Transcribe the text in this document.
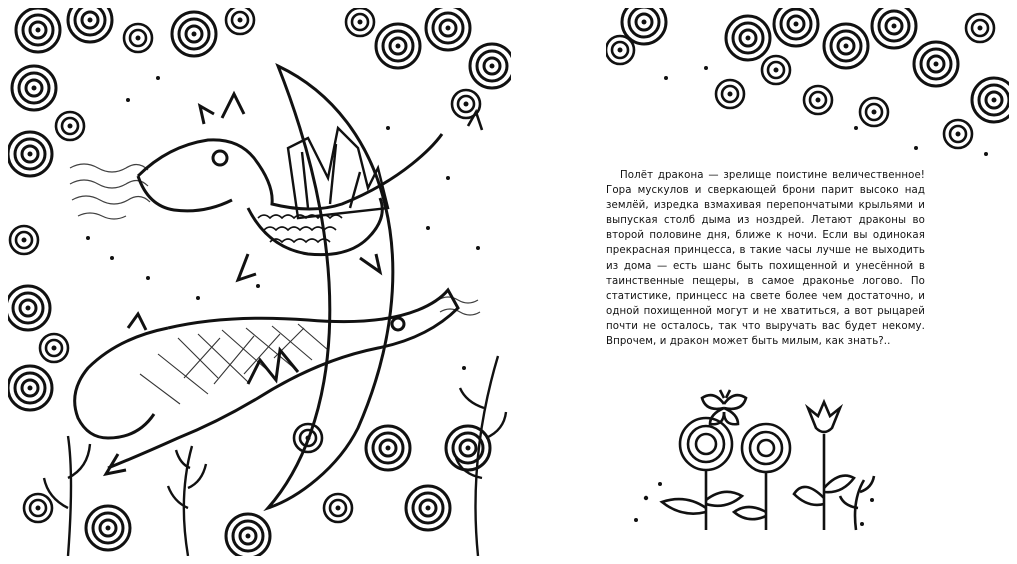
Полёт дракона — зрелище поистине величественное! Гора мускулов и сверкающей брони парит высоко над землёй, изредка взмахивая перепончатыми крыльями и выпуская столб дыма из ноздрей. Летают драконы во второй половине дня, ближе к ночи. Если вы одинокая прекрасная принцесса, в такие часы лучше не выходить из дома — есть шанс быть похищенной и унесённой в таинственные пещеры, в самое драконье логово. По статистике, принцесс на свете более чем достаточно, и одной похищенной могут и не хватиться, а вот рыцарей почти не осталось, так что выручать вас будет некому. Впрочем, и дракон может быть милым, как знать?..
